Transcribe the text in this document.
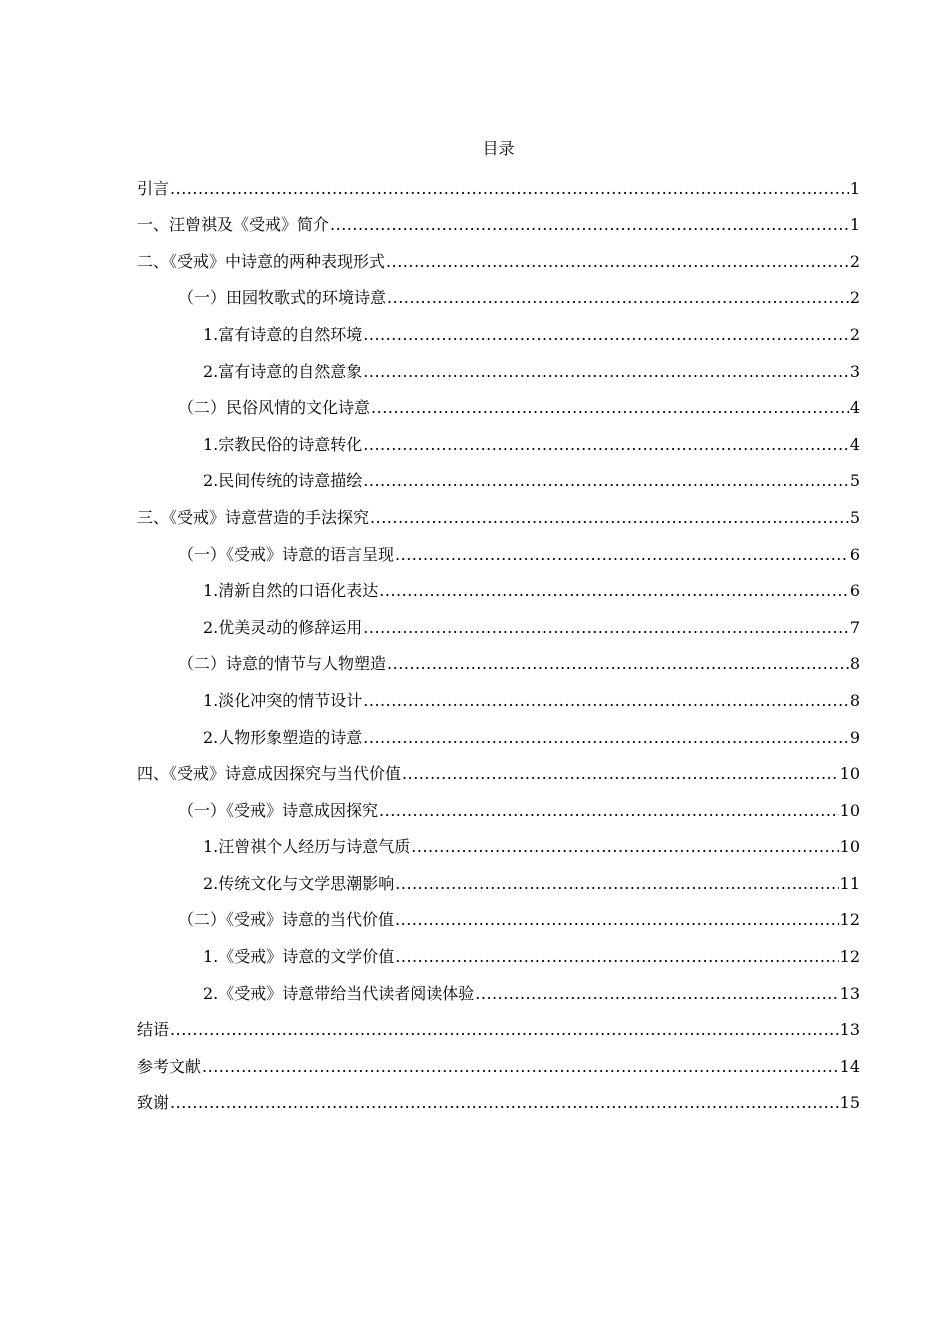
目录
引言 .....	1
一、汪曾祺及《受戒》简介 .....	1
二、《受戒》中诗意的两种表现形式 .....	2
（一）田园牧歌式的环境诗意 .....	2
1.富有诗意的自然环境 .....	2
2.富有诗意的自然意象 .....	3
（二）民俗风情的文化诗意 .....	4
1.宗教民俗的诗意转化 .....	4
2.民间传统的诗意描绘 .....	5
三、《受戒》诗意营造的手法探究 .....	5
（一）《受戒》诗意的语言呈现 .....	6
1.清新自然的口语化表达 .....	6
2.优美灵动的修辞运用 .....	7
（二）诗意的情节与人物塑造 .....	8
1.淡化冲突的情节设计 .....	8
2.人物形象塑造的诗意 .....	9
四、《受戒》诗意成因探究与当代价值 .....	10
（一）《受戒》诗意成因探究 .....	10
1.汪曾祺个人经历与诗意气质 .....	10
2.传统文化与文学思潮影响 .....	11
（二）《受戒》诗意的当代价值 .....	12
1.《受戒》诗意的文学价值 .....	12
2.《受戒》诗意带给当代读者阅读体验 .....	13
结语 .....	13
参考文献 .....	14
致谢 .....	15
